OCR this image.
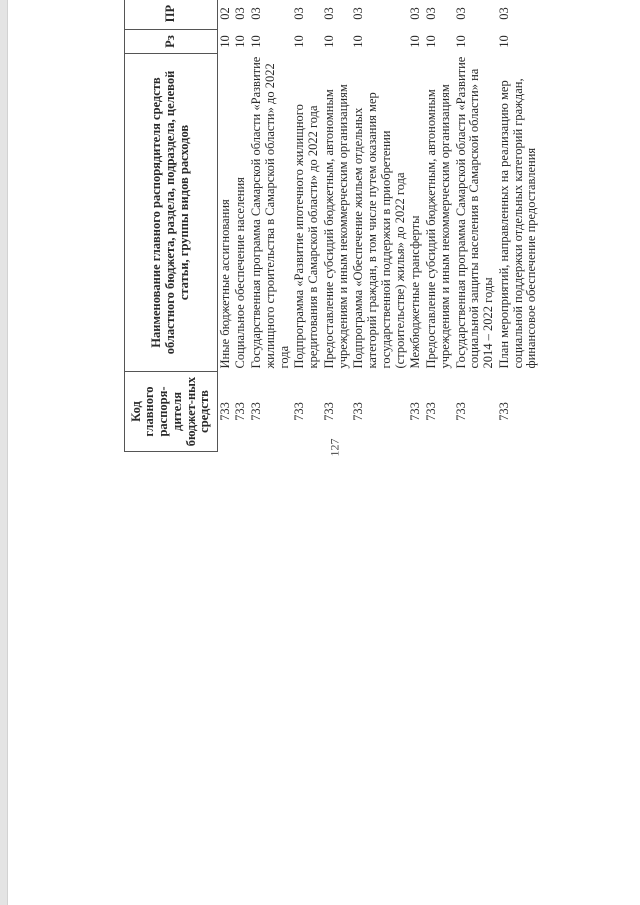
127
Код главного распоря-дителя бюджет-ных средств	Наименование главного распорядителя средств областного бюджета, раздела, подраздела, целевой статьи, группы видов расходов	Рз	ПР			

733	Иные бюджетные ассигнования	10	02				
733	Социальное обеспечение населения	10	03				
733	Государственная программа Самарской области «Развитие жилищного строительства в Самарской области» до 2022 года	10	03				
733	Подпрограмма «Развитие ипотечного жилищного кредитования в Самарской области» до 2022 года	10	03				
733	Предоставление субсидий бюджетным, автономным учреждениям и иным некоммерческим организациям	10	03				
733	Подпрограмма «Обеспечение жильем отдельных категорий граждан, в том числе путем оказания мер государственной поддержки в приобретении (строительстве) жилья» до 2022 года	10	03				
733	Межбюджетные трансферты	10	03				
733	Предоставление субсидий бюджетным, автономным учреждениям и иным некоммерческим организациям	10	03				
733	Государственная программа Самарской области «Развитие социальной защиты населения в Самарской области» на 2014 – 2022 годы	10	03				
733	План мероприятий, направленных на реализацию мер социальной поддержки отдельных категорий граждан, финансовое обеспечение предоставления	10	03				
